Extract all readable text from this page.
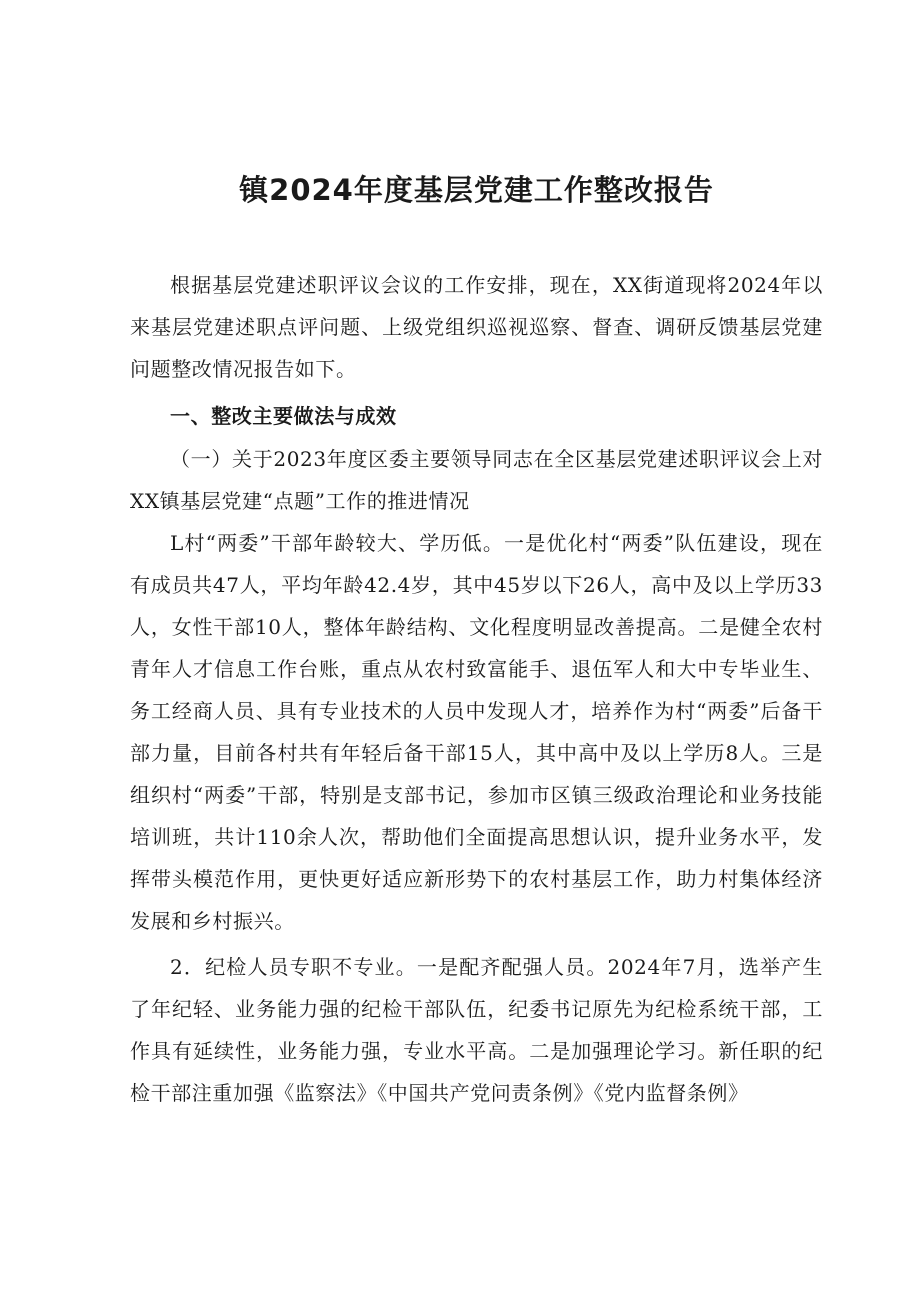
镇2024年度基层党建工作整改报告

根据基层党建述职评议会议的工作安排，现在，XX街道现将2024年以来基层党建述职点评问题、上级党组织巡视巡察、督查、调研反馈基层党建问题整改情况报告如下。

一、整改主要做法与成效

（一）关于2023年度区委主要领导同志在全区基层党建述职评议会上对XX镇基层党建“点题”工作的推进情况

L村“两委”干部年龄较大、学历低。一是优化村“两委”队伍建设，现在有成员共47人，平均年龄42.4岁，其中45岁以下26人，高中及以上学历33人，女性干部10人，整体年龄结构、文化程度明显改善提高。二是健全农村青年人才信息工作台账，重点从农村致富能手、退伍军人和大中专毕业生、务工经商人员、具有专业技术的人员中发现人才，培养作为村“两委”后备干部力量，目前各村共有年轻后备干部15人，其中高中及以上学历8人。三是组织村“两委”干部，特别是支部书记，参加市区镇三级政治理论和业务技能培训班，共计110余人次，帮助他们全面提高思想认识，提升业务水平，发挥带头模范作用，更快更好适应新形势下的农村基层工作，助力村集体经济发展和乡村振兴。

2．纪检人员专职不专业。一是配齐配强人员。2024年7月，选举产生了年纪轻、业务能力强的纪检干部队伍，纪委书记原先为纪检系统干部，工作具有延续性，业务能力强，专业水平高。二是加强理论学习。新任职的纪检干部注重加强《监察法》《中国共产党问责条例》《党内监督条例》
